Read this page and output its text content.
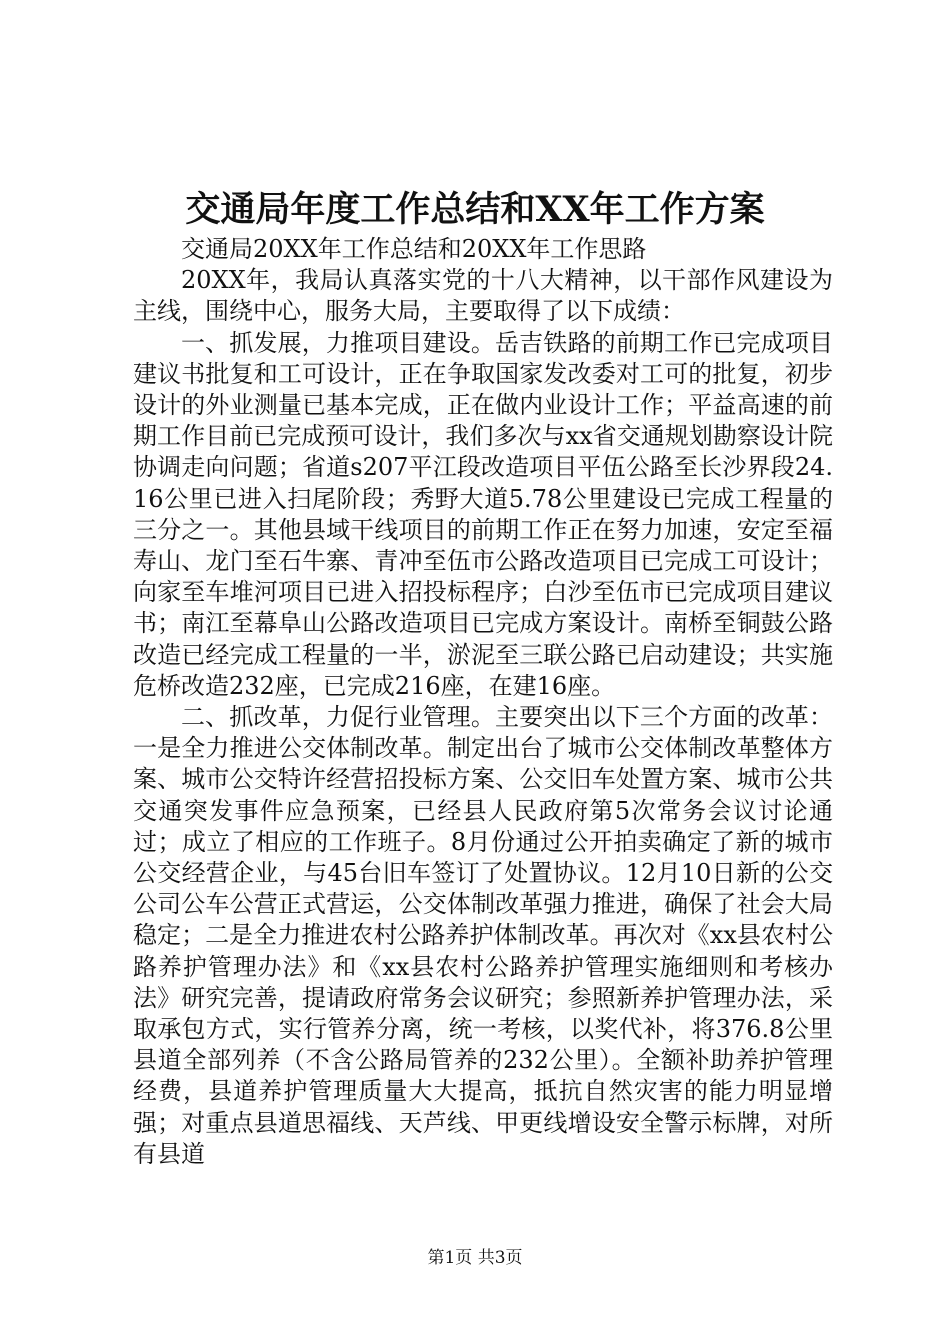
交通局年度工作总结和XX年工作方案

交通局20XX年工作总结和20XX年工作思路

20XX年，我局认真落实党的十八大精神，以干部作风建设为主线，围绕中心，服务大局，主要取得了以下成绩：

一、抓发展，力推项目建设。岳吉铁路的前期工作已完成项目建议书批复和工可设计，正在争取国家发改委对工可的批复，初步设计的外业测量已基本完成，正在做内业设计工作；平益高速的前期工作目前已完成预可设计，我们多次与xx省交通规划勘察设计院协调走向问题；省道s207平江段改造项目平伍公路至长沙界段24.16公里已进入扫尾阶段；秀野大道5.78公里建设已完成工程量的三分之一。其他县域干线项目的前期工作正在努力加速，安定至福寿山、龙门至石牛寨、青冲至伍市公路改造项目已完成工可设计；向家至车堆河项目已进入招投标程序；白沙至伍市已完成项目建议书；南江至幕阜山公路改造项目已完成方案设计。南桥至铜鼓公路改造已经完成工程量的一半，淤泥至三联公路已启动建设；共实施危桥改造232座，已完成216座，在建16座。

二、抓改革，力促行业管理。主要突出以下三个方面的改革：一是全力推进公交体制改革。制定出台了城市公交体制改革整体方案、城市公交特许经营招投标方案、公交旧车处置方案、城市公共交通突发事件应急预案，已经县人民政府第5次常务会议讨论通过；成立了相应的工作班子。8月份通过公开拍卖确定了新的城市公交经营企业，与45台旧车签订了处置协议。12月10日新的公交公司公车公营正式营运，公交体制改革强力推进，确保了社会大局稳定；二是全力推进农村公路养护体制改革。再次对《xx县农村公路养护管理办法》和《xx县农村公路养护管理实施细则和考核办法》研究完善，提请政府常务会议研究；参照新养护管理办法，采取承包方式，实行管养分离，统一考核，以奖代补，将376.8公里县道全部列养（不含公路局管养的232公里）。全额补助养护管理经费，县道养护管理质量大大提高，抵抗自然灾害的能力明显增强；对重点县道思福线、天芦线、甲更线增设安全警示标牌，对所有县道

第1页 共3页
